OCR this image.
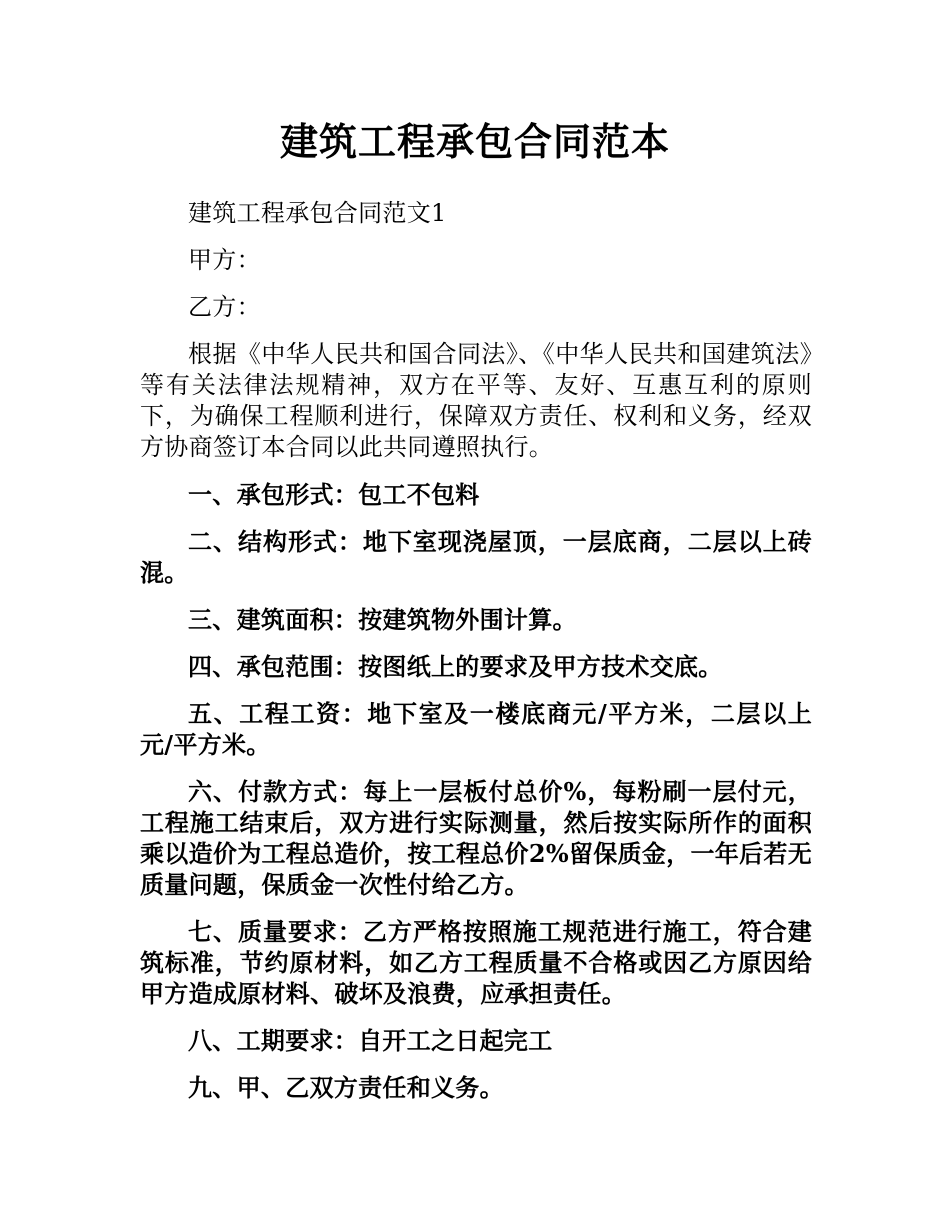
建筑工程承包合同范本

建筑工程承包合同范文1

甲方：

乙方：

根据《中华人民共和国合同法》、《中华人民共和国建筑法》等有关法律法规精神，双方在平等、友好、互惠互利的原则下，为确保工程顺利进行，保障双方责任、权利和义务，经双方协商签订本合同以此共同遵照执行。

一、承包形式：包工不包料

二、结构形式：地下室现浇屋顶，一层底商，二层以上砖混。

三、建筑面积：按建筑物外围计算。

四、承包范围：按图纸上的要求及甲方技术交底。

五、工程工资：地下室及一楼底商元/平方米，二层以上元/平方米。

六、付款方式：每上一层板付总价%，每粉刷一层付元，工程施工结束后，双方进行实际测量，然后按实际所作的面积乘以造价为工程总造价，按工程总价2%留保质金，一年后若无质量问题，保质金一次性付给乙方。

七、质量要求：乙方严格按照施工规范进行施工，符合建筑标准，节约原材料，如乙方工程质量不合格或因乙方原因给甲方造成原材料、破坏及浪费，应承担责任。

八、工期要求：自开工之日起完工

九、甲、乙双方责任和义务。
